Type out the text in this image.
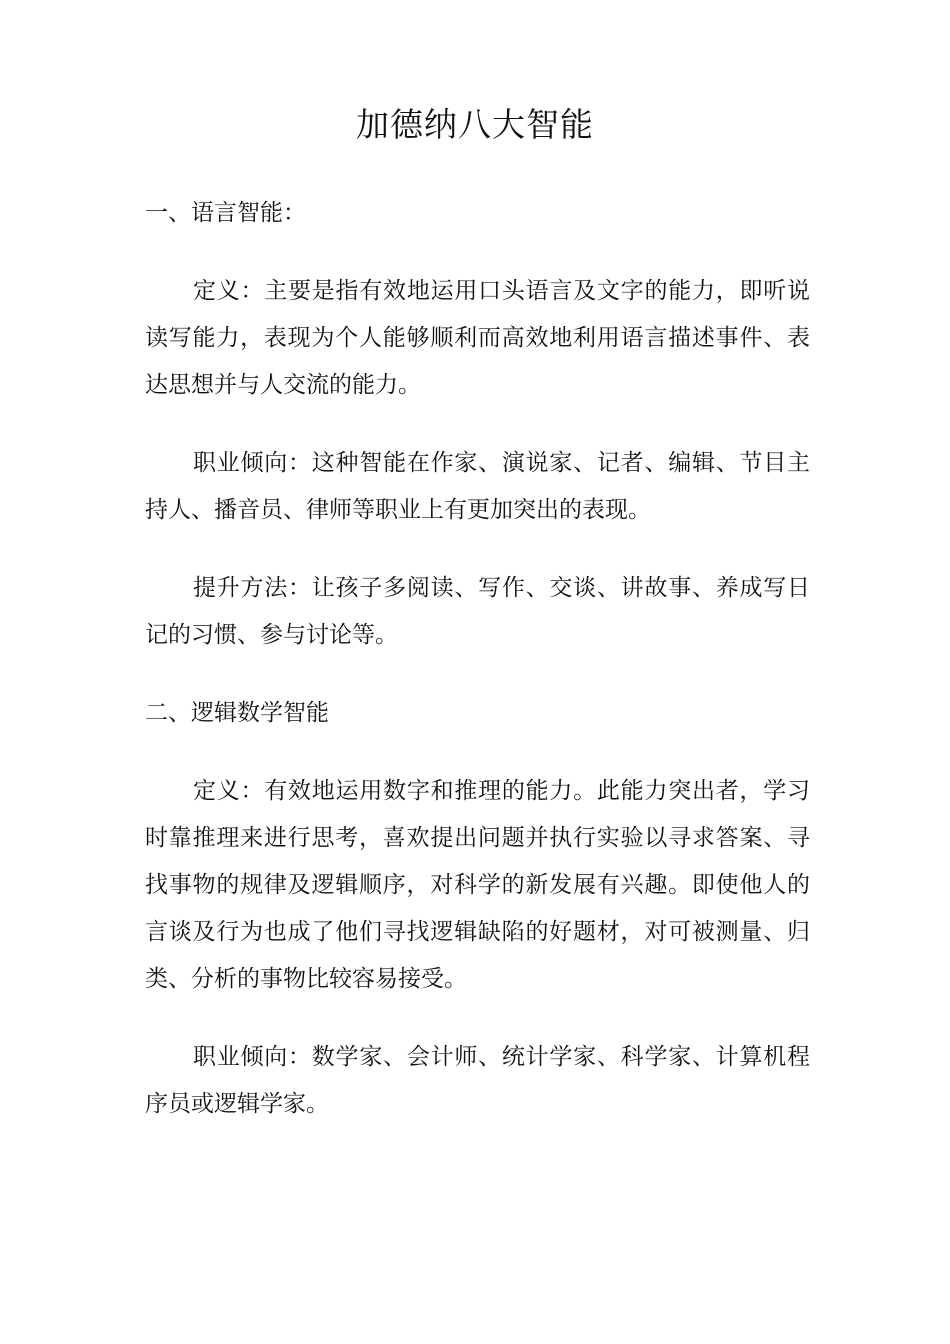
加德纳八大智能
一、语言智能：

定义：主要是指有效地运用口头语言及文字的能力，即听说读写能力，表现为个人能够顺利而高效地利用语言描述事件、表达思想并与人交流的能力。

职业倾向：这种智能在作家、演说家、记者、编辑、节目主持人、播音员、律师等职业上有更加突出的表现。

提升方法：让孩子多阅读、写作、交谈、讲故事、养成写日记的习惯、参与讨论等。

二、逻辑数学智能

定义：有效地运用数字和推理的能力。此能力突出者，学习时靠推理来进行思考，喜欢提出问题并执行实验以寻求答案、寻找事物的规律及逻辑顺序，对科学的新发展有兴趣。即使他人的言谈及行为也成了他们寻找逻辑缺陷的好题材，对可被测量、归类、分析的事物比较容易接受。

职业倾向：数学家、会计师、统计学家、科学家、计算机程序员或逻辑学家。
